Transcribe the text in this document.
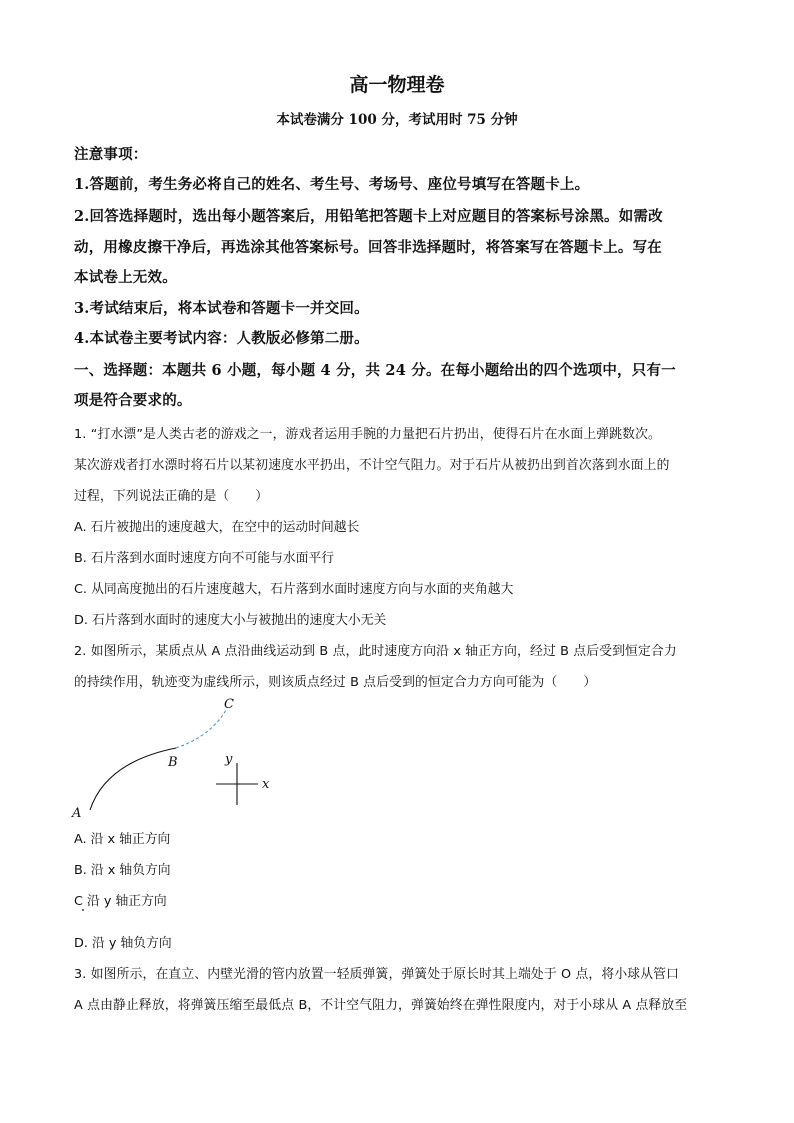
高一物理卷
本试卷满分 100 分，考试用时 75 分钟
注意事项：
1.答题前，考生务必将自己的姓名、考生号、考场号、座位号填写在答题卡上。
2.回答选择题时，选出每小题答案后，用铅笔把答题卡上对应题目的答案标号涂黑。如需改
动，用橡皮擦干净后，再选涂其他答案标号。回答非选择题时，将答案写在答题卡上。写在
本试卷上无效。
3.考试结束后，将本试卷和答题卡一并交回。
4.本试卷主要考试内容：人教版必修第二册。
一、选择题：本题共 6 小题，每小题 4 分，共 24 分。在每小题给出的四个选项中，只有一
项是符合要求的。
1. “打水漂”是人类古老的游戏之一，游戏者运用手腕的力量把石片扔出，使得石片在水面上弹跳数次。
某次游戏者打水漂时将石片以某初速度水平扔出，不计空气阻力。对于石片从被扔出到首次落到水面上的
过程，下列说法正确的是（　　）
A. 石片被抛出的速度越大，在空中的运动时间越长
B. 石片落到水面时速度方向不可能与水面平行
C. 从同高度抛出的石片速度越大，石片落到水面时速度方向与水面的夹角越大
D. 石片落到水面时的速度大小与被抛出的速度大小无关
2. 如图所示，某质点从 A 点沿曲线运动到 B 点，此时速度方向沿 x 轴正方向，经过 B 点后受到恒定合力
的持续作用，轨迹变为虚线所示，则该质点经过 B 点后受到的恒定合力方向可能为（　　）
A
B
C
x
y
A. 沿 x 轴正方向
B. 沿 x 轴负方向
C 沿 y 轴正方向
D. 沿 y 轴负方向
3. 如图所示，在直立、内壁光滑的管内放置一轻质弹簧，弹簧处于原长时其上端处于 O 点，将小球从管口
A 点由静止释放，将弹簧压缩至最低点 B，不计空气阻力，弹簧始终在弹性限度内，对于小球从 A 点释放至
